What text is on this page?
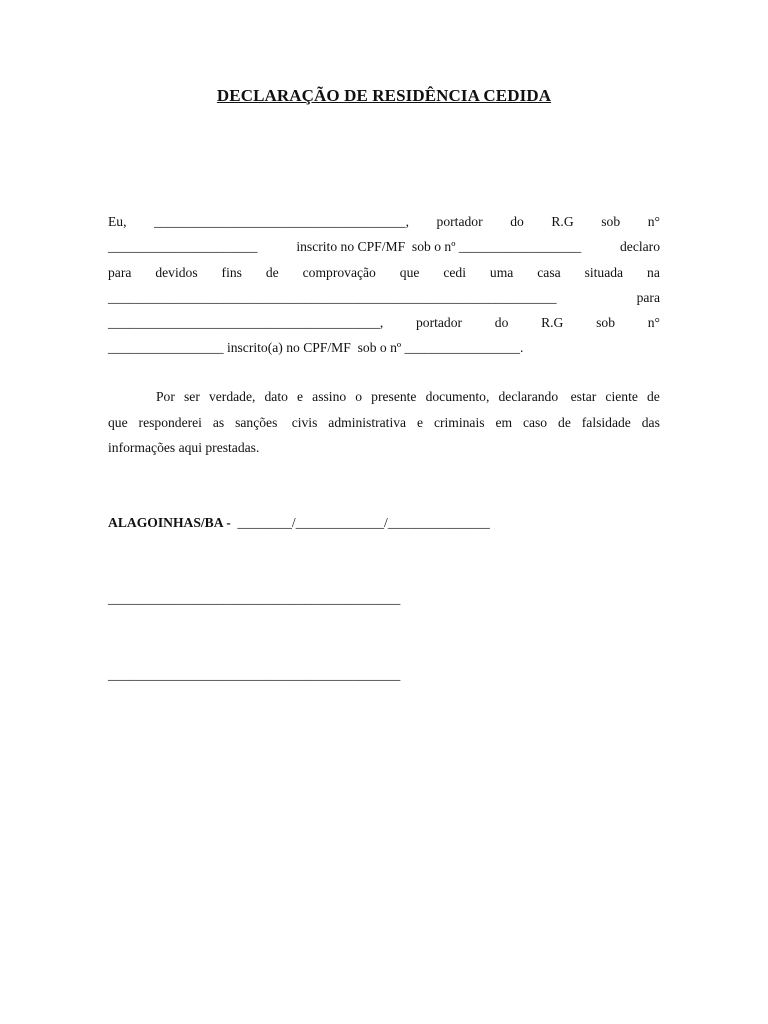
DECLARAÇÃO DE RESIDÊNCIA CEDIDA
Eu, _____________________________________, portador do R.G sob n°
______________________	inscrito no CPF/MF  sob o nº __________________	declaro
para devidos fins de comprovação que cedi uma casa situada na
__________________________________________________________________	para
________________________________________, portador do R.G sob n°
_________________ inscrito(a) no CPF/MF  sob o nº _________________.
Por ser verdade, dato e assino o presente documento, declarando estar ciente de
que responderei as sanções civis administrativa e criminais em caso de falsidade das
informações aqui prestadas.
ALAGOINHAS/BA - ________/_____________/_______________
___________________________________________
___________________________________________
